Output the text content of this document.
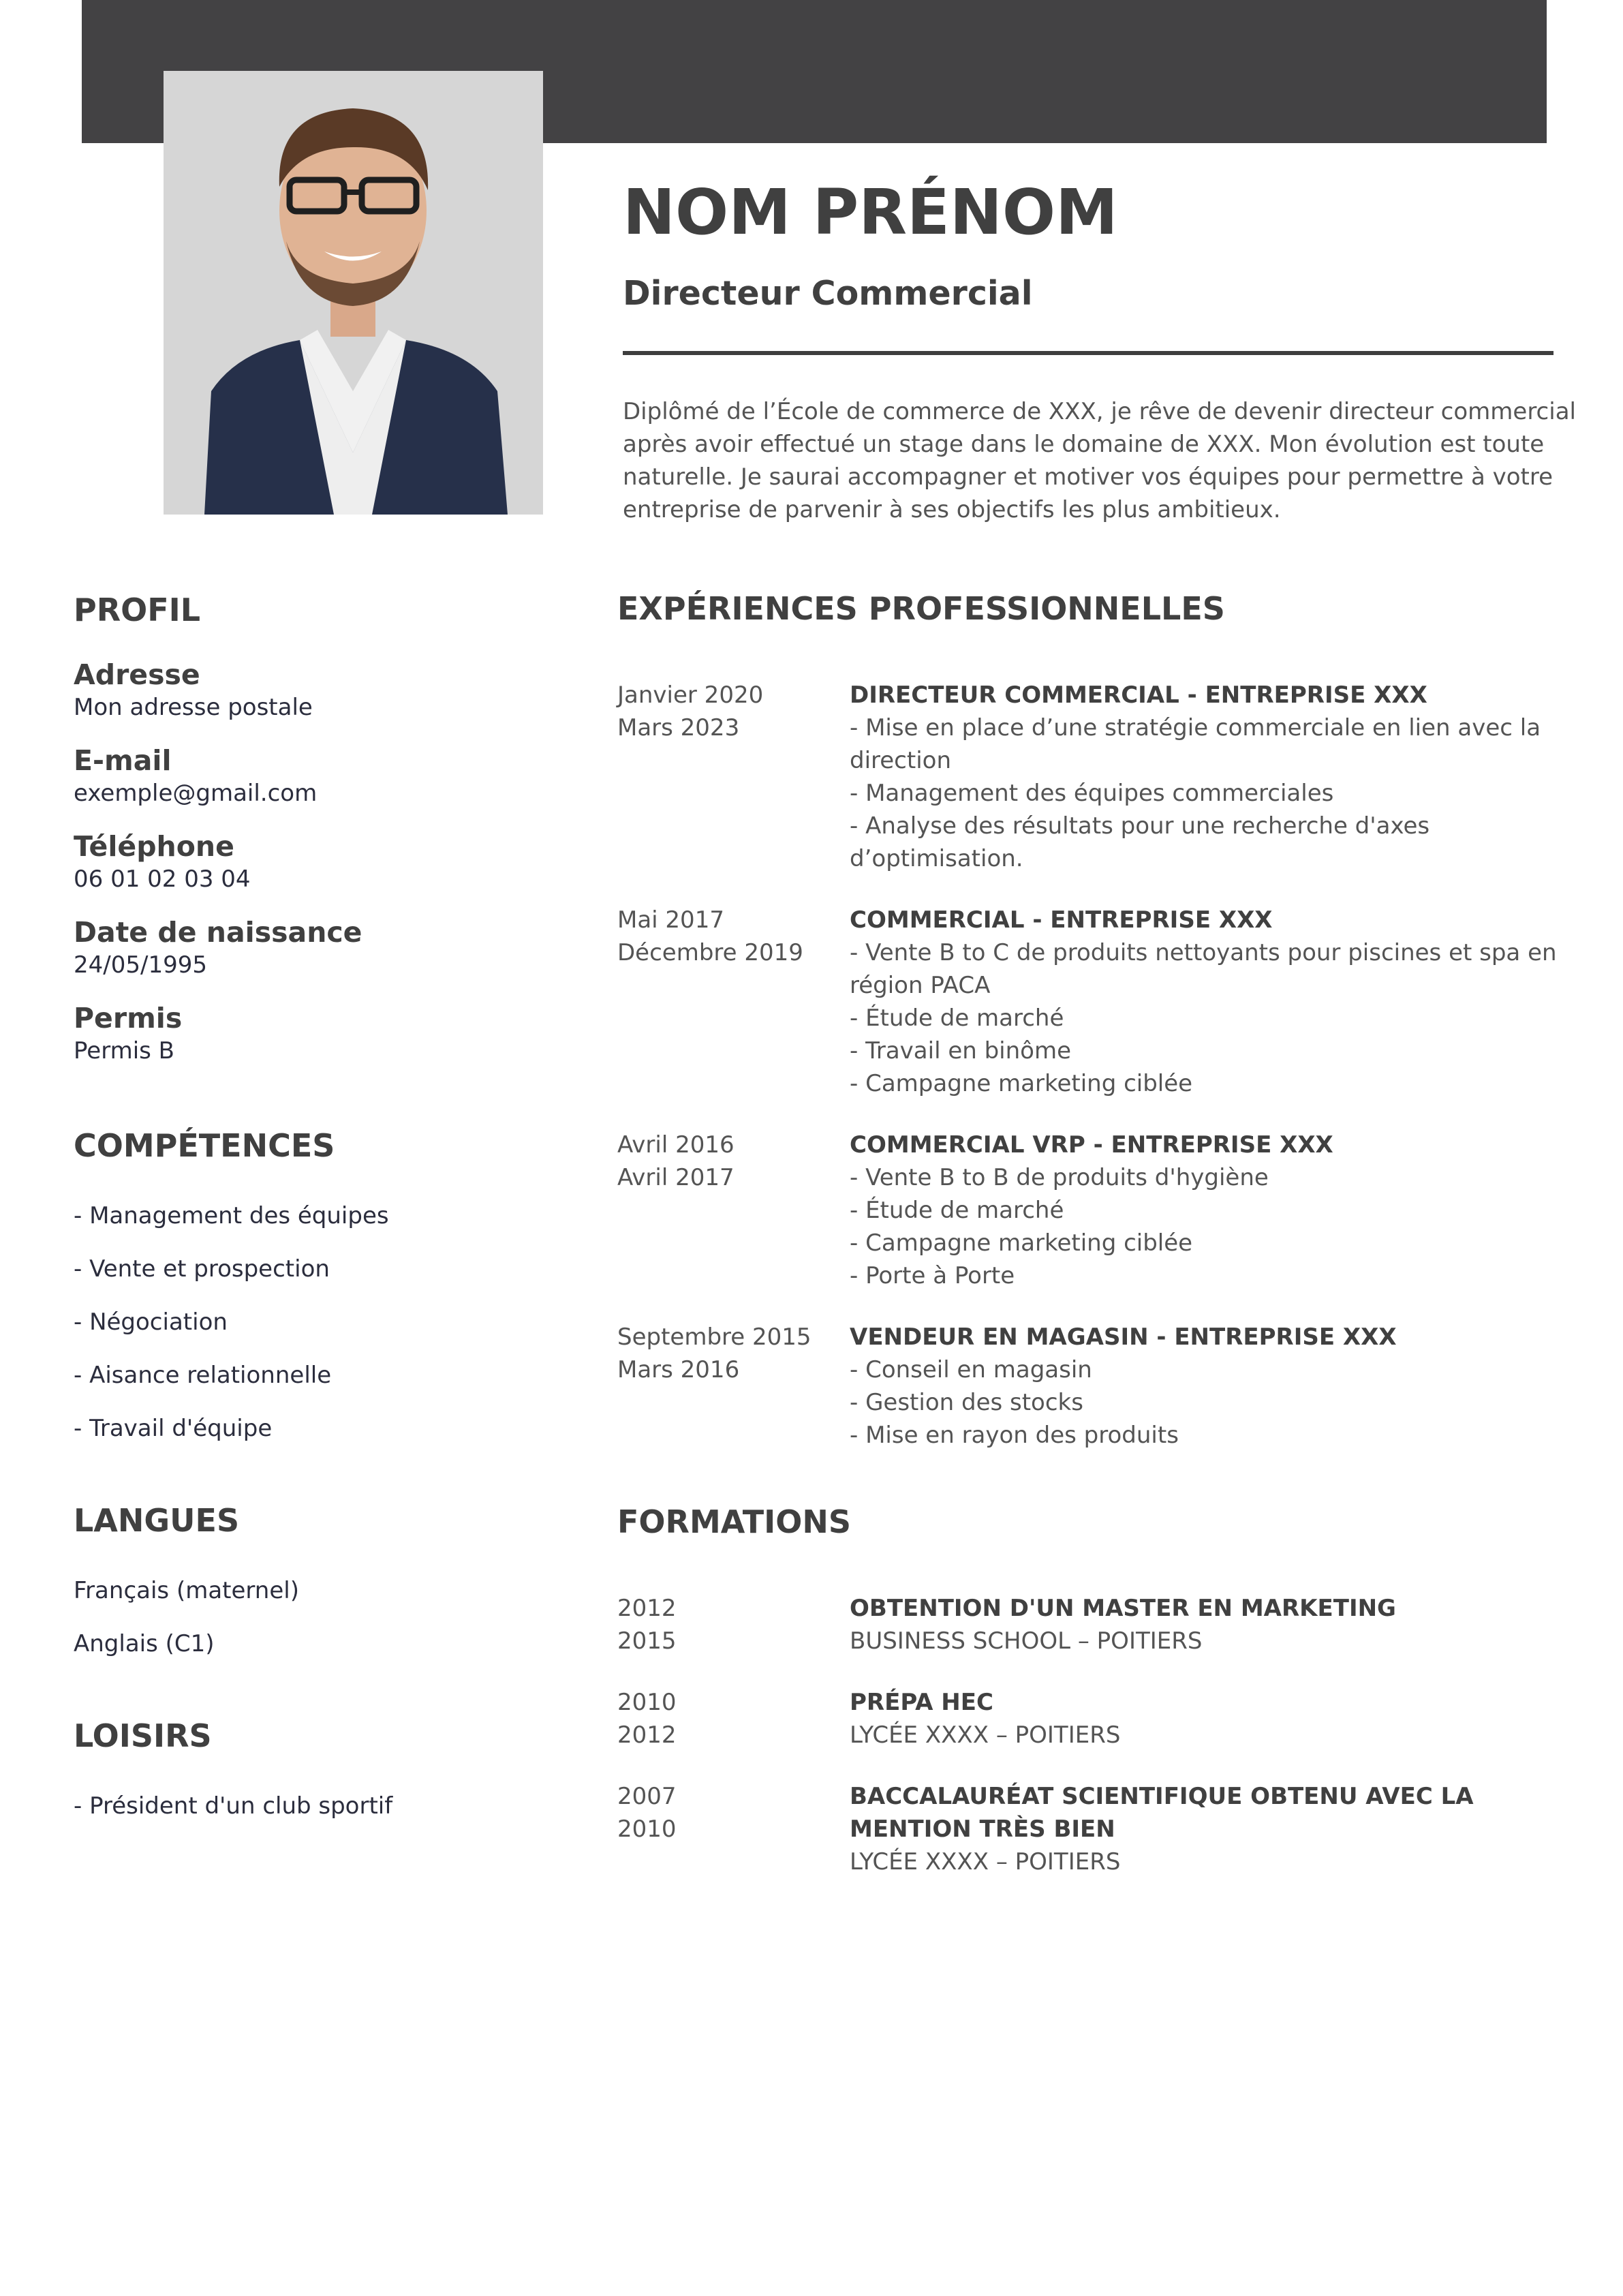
NOM PRÉNOM
Directeur Commercial
Diplômé de l’École de commerce de XXX, je rêve de devenir directeur commercial
après avoir effectué un stage dans le domaine de XXX. Mon évolution est toute
naturelle. Je saurai accompagner et motiver vos équipes pour permettre à votre
entreprise de parvenir à ses objectifs les plus ambitieux.
PROFIL
Adresse
Mon adresse postale
E-mail
exemple@gmail.com
Téléphone
06 01 02 03 04
Date de naissance
24/05/1995
Permis
Permis B
COMPÉTENCES
- Management des équipes
- Vente et prospection
- Négociation
- Aisance relationnelle
- Travail d'équipe
LANGUES
Français (maternel)
Anglais (C1)
LOISIRS
- Président d'un club sportif
EXPÉRIENCES PROFESSIONNELLES
Janvier 2020
Mars 2023
DIRECTEUR COMMERCIAL - ENTREPRISE XXX
- Mise en place d’une stratégie commerciale en lien avec la
direction
- Management des équipes commerciales
- Analyse des résultats pour une recherche d'axes
d’optimisation.
Mai 2017
Décembre 2019
COMMERCIAL - ENTREPRISE XXX
- Vente B to C de produits nettoyants pour piscines et spa en
région PACA
- Étude de marché
- Travail en binôme
- Campagne marketing ciblée
Avril 2016
Avril 2017
COMMERCIAL VRP - ENTREPRISE XXX
- Vente B to B de produits d'hygiène
- Étude de marché
- Campagne marketing ciblée
- Porte à Porte
Septembre 2015
Mars 2016
VENDEUR EN MAGASIN - ENTREPRISE XXX
- Conseil en magasin
- Gestion des stocks
- Mise en rayon des produits
FORMATIONS
2012
2015
OBTENTION D'UN MASTER EN MARKETING
BUSINESS SCHOOL – POITIERS
2010
2012
PRÉPA HEC
LYCÉE XXXX – POITIERS
2007
2010
BACCALAURÉAT SCIENTIFIQUE OBTENU AVEC LA
MENTION TRÈS BIEN
LYCÉE XXXX – POITIERS
